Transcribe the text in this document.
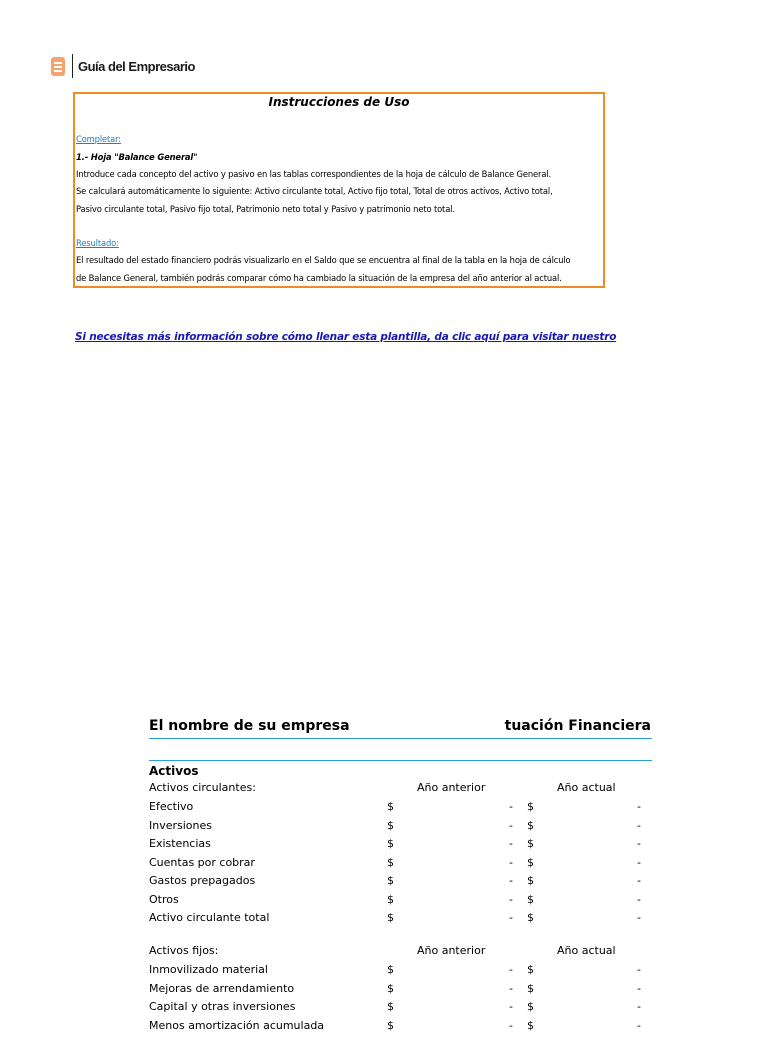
Guía del Empresario
Instrucciones de Uso
Completar:
1.- Hoja "Balance General"
Introduce cada concepto del activo y pasivo en las tablas correspondientes de la hoja de cálculo de Balance General.
Se calculará automáticamente lo siguiente: Activo circulante total, Activo fijo total, Total de otros activos, Activo total,
Pasivo circulante total, Pasivo fijo total, Patrimonio neto total y Pasivo y patrimonio neto total.
Resultado:
El resultado del estado financiero podrás visualizarlo en el Saldo que se encuentra al final de la tabla en la hoja de cálculo
de Balance General, también podrás comparar cómo ha cambiado la situación de la empresa del año anterior al actual.
Si necesitas más información sobre cómo llenar esta plantilla, da clic aquí para visitar nuestro
El nombre de su empresa	tuación Financiera
Activos
Activos circulantes:	Año anterior	Año actual
Efectivo	$	- $	-
Inversiones	$	- $	-
Existencias	$	- $	-
Cuentas por cobrar	$	- $	-
Gastos prepagados	$	- $	-
Otros	$	- $	-
Activo circulante total	$	- $	-
Activos fijos:	Año anterior	Año actual
Inmovilizado material	$	- $	-
Mejoras de arrendamiento	$	- $	-
Capital y otras inversiones	$	- $	-
Menos amortización acumulada	$	- $	-
